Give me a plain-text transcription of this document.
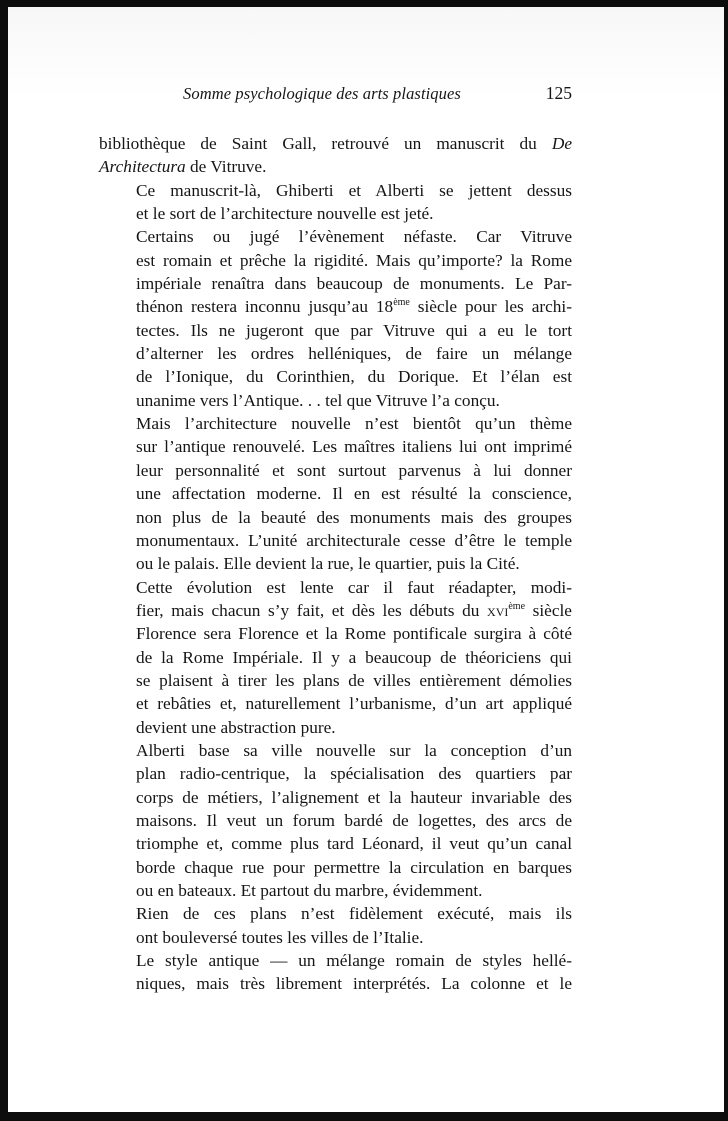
Somme psychologique des arts plastiques	125

bibliothèque de Saint Gall, retrouvé un manuscrit du De
Architectura de Vitruve.

Ce manuscrit-là, Ghiberti et Alberti se jettent dessus
et le sort de l’architecture nouvelle est jeté.

Certains ou jugé l’évènement néfaste. Car Vitruve
est romain et prêche la rigidité. Mais qu’importe? la Rome
impériale renaîtra dans beaucoup de monuments. Le Par-
thénon restera inconnu jusqu’au 18ème siècle pour les archi-
tectes. Ils ne jugeront que par Vitruve qui a eu le tort
d’alterner les ordres helléniques, de faire un mélange
de l’Ionique, du Corinthien, du Dorique. Et l’élan est
unanime vers l’Antique. . . tel que Vitruve l’a conçu.

Mais l’architecture nouvelle n’est bientôt qu’un thème
sur l’antique renouvelé. Les maîtres italiens lui ont imprimé
leur personnalité et sont surtout parvenus à lui donner
une affectation moderne. Il en est résulté la conscience,
non plus de la beauté des monuments mais des groupes
monumentaux. L’unité architecturale cesse d’être le temple
ou le palais. Elle devient la rue, le quartier, puis la Cité.

Cette évolution est lente car il faut réadapter, modi-
fier, mais chacun s’y fait, et dès les débuts du xvi$^{ème}$ siècle
Florence sera Florence et la Rome pontificale surgira à côté
de la Rome Impériale. Il y a beaucoup de théoriciens qui
se plaisent à tirer les plans de villes entièrement démolies
et rebâties et, naturellement l’urbanisme, d’un art appliqué
devient une abstraction pure.

Alberti base sa ville nouvelle sur la conception d’un
plan radio-centrique, la spécialisation des quartiers par
corps de métiers, l’alignement et la hauteur invariable des
maisons. Il veut un forum bardé de logettes, des arcs de
triomphe et, comme plus tard Léonard, il veut qu’un canal
borde chaque rue pour permettre la circulation en barques
ou en bateaux. Et partout du marbre, évidemment.

Rien de ces plans n’est fidèlement exécuté, mais ils
ont bouleversé toutes les villes de l’Italie.

Le style antique — un mélange romain de styles hellé-
niques, mais très librement interprétés. La colonne et le
